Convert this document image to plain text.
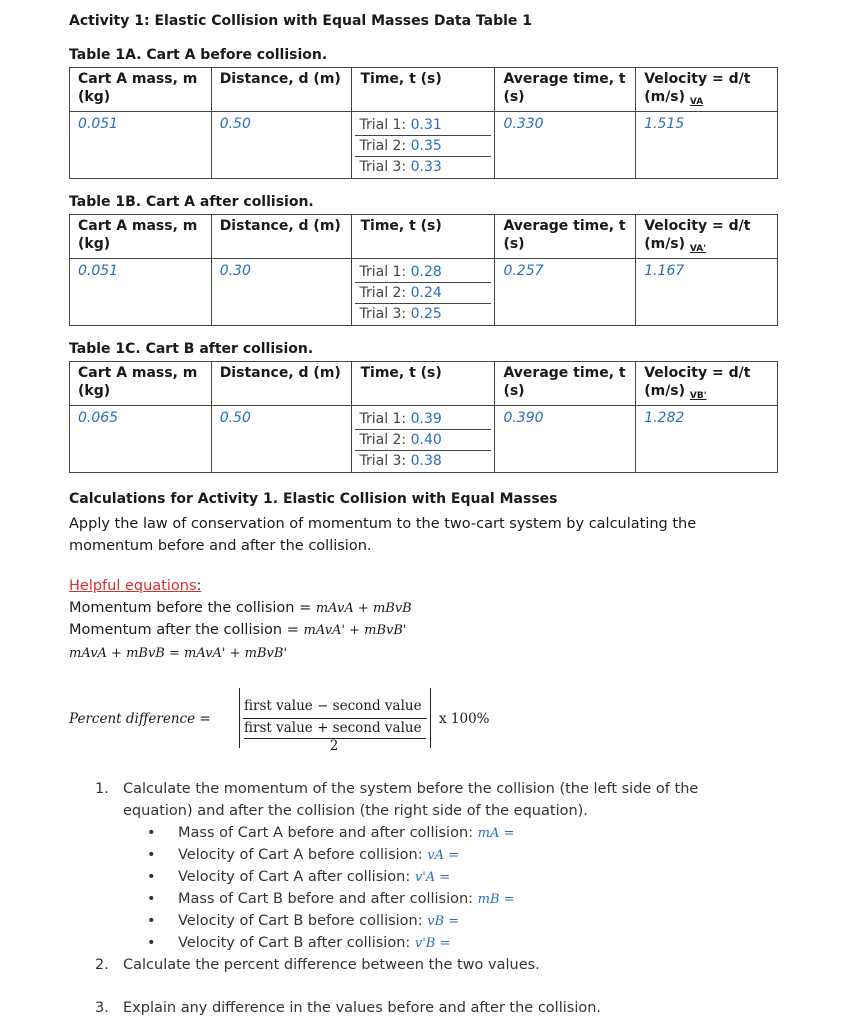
Activity 1: Elastic Collision with Equal Masses Data Table 1
Table 1A. Cart A before collision.
Cart A mass, m (kg)	Distance, d (m)	Time, t (s)	Average time, t (s)	Velocity = d/t (m/s) $_{VA}$

0.051	0.50	Trial 1: 0.31
Trial 2: 0.35
Trial 3: 0.33	0.330	1.515
Table 1B. Cart A after collision.
Cart A mass, m (kg)	Distance, d (m)	Time, t (s)	Average time, t (s)	Velocity = d/t (m/s) $_{VA'}$

0.051	0.30	Trial 1: 0.28
Trial 2: 0.24
Trial 3: 0.25	0.257	1.167
Table 1C. Cart B after collision.
Cart A mass, m (kg)	Distance, d (m)	Time, t (s)	Average time, t (s)	Velocity = d/t (m/s) $_{VB'}$

0.065	0.50	Trial 1: 0.39
Trial 2: 0.40
Trial 3: 0.38	0.390	1.282
Calculations for Activity 1. Elastic Collision with Equal Masses
Apply the law of conservation of momentum to the two-cart system by calculating the momentum before and after the collision.
Helpful equations:
Momentum before the collision = mAvA + mBvB
Momentum after the collision = mAvA' + mBvB'
mAvA + mBvB = mAvA' + mBvB'
Percent difference =
first value − second value
first value + second value
2
x 100%
1. Calculate the momentum of the system before the collision (the left side of the
equation) and after the collision (the right side of the equation).
• Mass of Cart A before and after collision: mA =
• Velocity of Cart A before collision: vA =
• Velocity of Cart A after collision: v'A =
• Mass of Cart B before and after collision: mB =
• Velocity of Cart B before collision: vB =
• Velocity of Cart B after collision: v'B =
2. Calculate the percent difference between the two values.
3. Explain any difference in the values before and after the collision.
